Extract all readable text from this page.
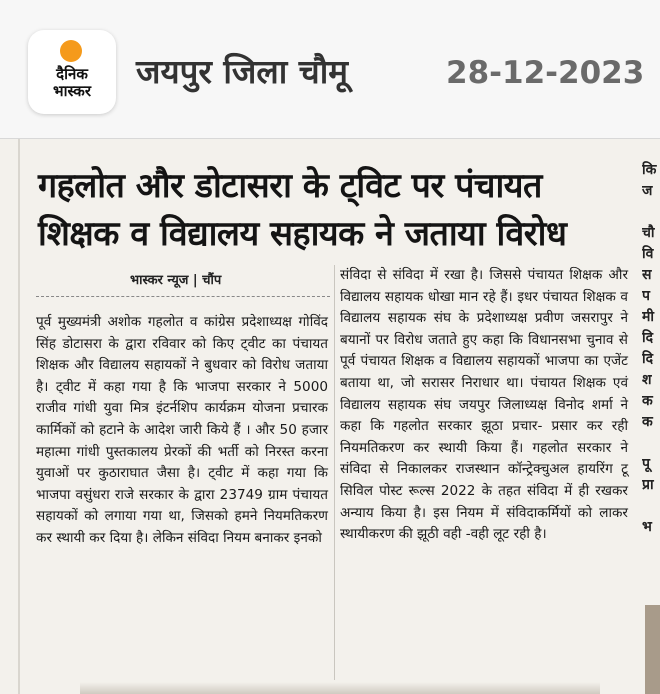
दैनिक
भास्कर	जयपुर जिला चौमू	28-12-2023
गहलोत और डोटासरा के ट्विट पर पंचायत
शिक्षक व विद्यालय सहायक ने जताया विरोध
भास्कर न्यूज | चौंप
पूर्व मुख्यमंत्री अशोक गहलोत व कांग्रेस प्रदेशाध्यक्ष गोविंद सिंह डोटासरा के द्वारा रविवार को किए ट्वीट का पंचायत शिक्षक और विद्यालय सहायकों ने बुधवार को विरोध जताया है। ट्वीट में कहा गया है कि भाजपा सरकार ने 5000 राजीव गांधी युवा मित्र इंटर्नशिप कार्यक्रम योजना प्रचारक कार्मिकों को हटाने के आदेश जारी किये हैं । और 50 हजार महात्मा गांधी पुस्तकालय प्रेरकों की भर्ती को निरस्त करना युवाओं पर कुठाराघात जैसा है। ट्वीट में कहा गया कि भाजपा वसुंधरा राजे सरकार के द्वारा 23749 ग्राम पंचायत सहायकों को लगाया गया था, जिसको हमने नियमतिकरण कर स्थायी कर दिया है। लेकिन संविदा नियम बनाकर इनको
संविदा से संविदा में रखा है। जिससे पंचायत शिक्षक और विद्यालय सहायक धोखा मान रहे हैं। इधर पंचायत शिक्षक व विद्यालय सहायक संघ के प्रदेशाध्यक्ष प्रवीण जसरापुर ने बयानों पर विरोध जताते हुए कहा कि विधानसभा चुनाव से पूर्व पंचायत शिक्षक व विद्यालय सहायकों भाजपा का एजेंट बताया था, जो सरासर निराधार था। पंचायत शिक्षक एवं विद्यालय सहायक संघ जयपुर जिलाध्यक्ष विनोद शर्मा ने कहा कि गहलोत सरकार झूठा प्रचार- प्रसार कर रही नियमतिकरण कर स्थायी किया हैं। गहलोत सरकार ने संविदा से निकालकर राजस्थान कॉन्ट्रेक्चुअल हायरिंग टू सिविल पोस्ट रूल्स 2022 के तहत संविदा में ही रखकर अन्याय किया है। इस नियम में संविदाकर्मियों को लाकर स्थायीकरण की झूठी वही -वही लूट रही है।
कि
ज
चौ
वि
स
प
मी
दि
दि
श
क
क
पू
प्रा
भ
